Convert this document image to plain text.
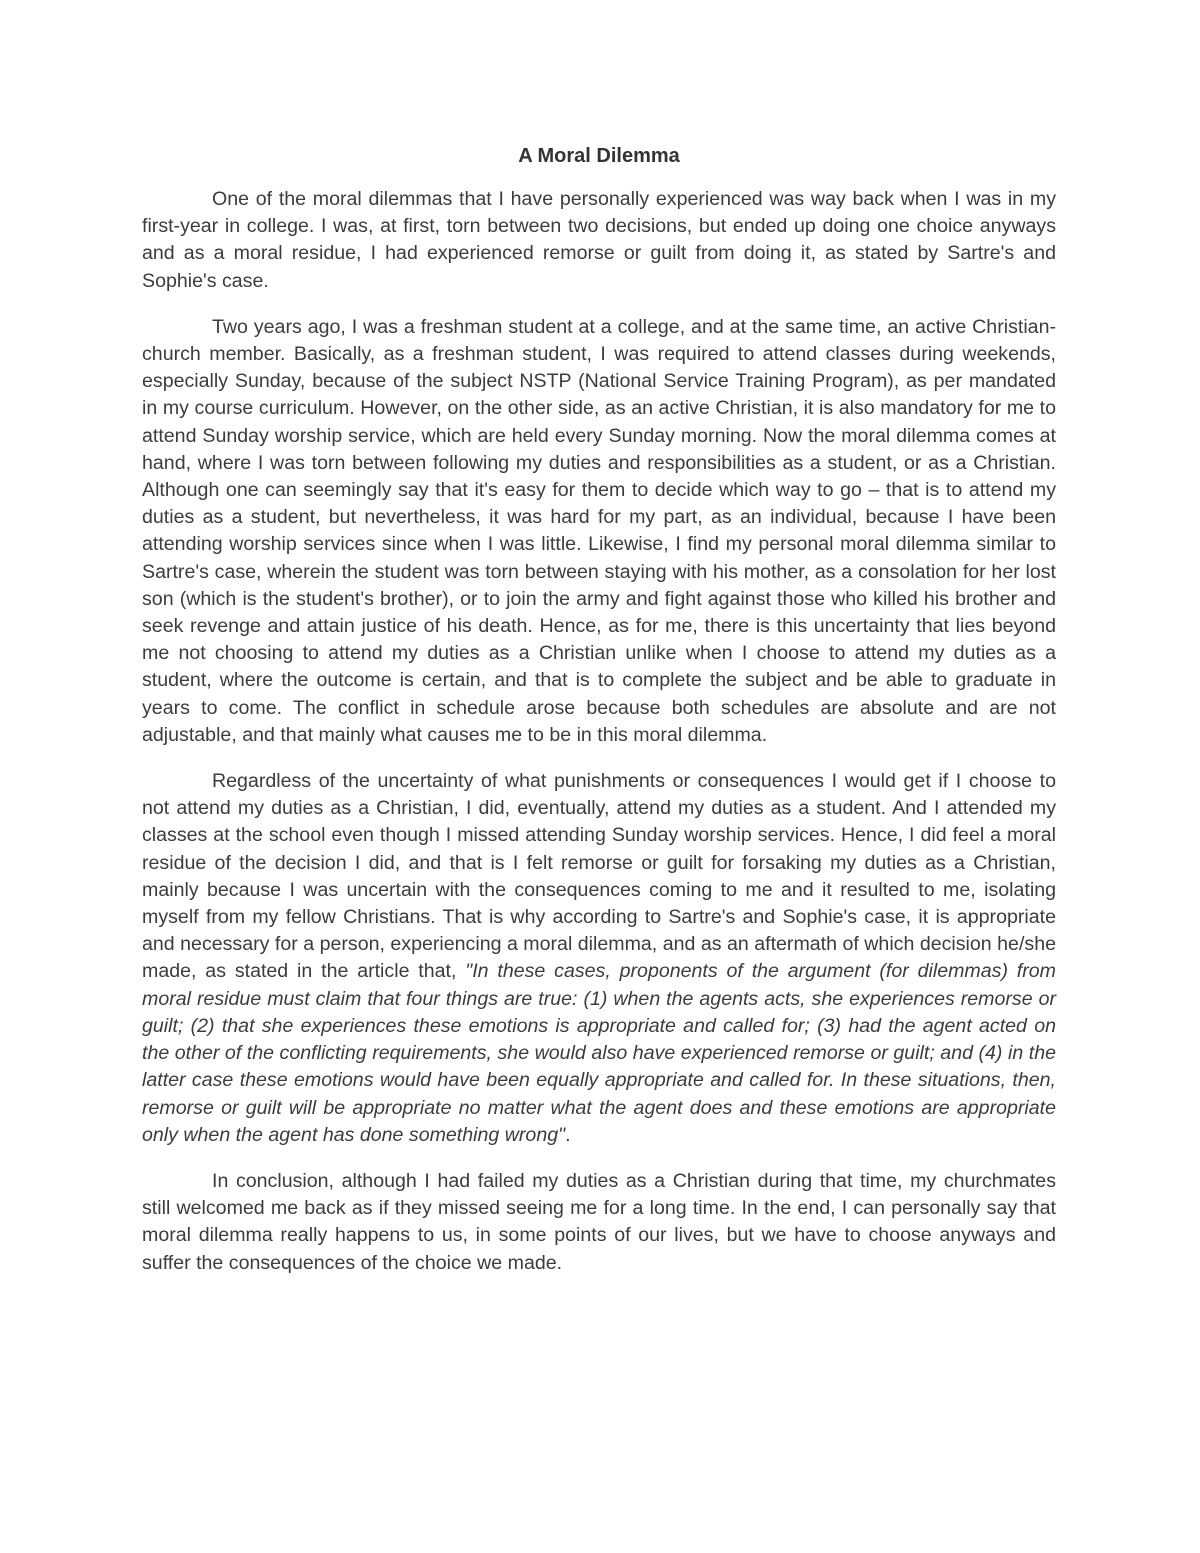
A Moral Dilemma

One of the moral dilemmas that I have personally experienced was way back when I was in my first-year in college. I was, at first, torn between two decisions, but ended up doing one choice anyways and as a moral residue, I had experienced remorse or guilt from doing it, as stated by Sartre's and Sophie's case.

Two years ago, I was a freshman student at a college, and at the same time, an active Christian-church member. Basically, as a freshman student, I was required to attend classes during weekends, especially Sunday, because of the subject NSTP (National Service Training Program), as per mandated in my course curriculum. However, on the other side, as an active Christian, it is also mandatory for me to attend Sunday worship service, which are held every Sunday morning. Now the moral dilemma comes at hand, where I was torn between following my duties and responsibilities as a student, or as a Christian. Although one can seemingly say that it's easy for them to decide which way to go – that is to attend my duties as a student, but nevertheless, it was hard for my part, as an individual, because I have been attending worship services since when I was little. Likewise, I find my personal moral dilemma similar to Sartre's case, wherein the student was torn between staying with his mother, as a consolation for her lost son (which is the student's brother), or to join the army and fight against those who killed his brother and seek revenge and attain justice of his death. Hence, as for me, there is this uncertainty that lies beyond me not choosing to attend my duties as a Christian unlike when I choose to attend my duties as a student, where the outcome is certain, and that is to complete the subject and be able to graduate in years to come. The conflict in schedule arose because both schedules are absolute and are not adjustable, and that mainly what causes me to be in this moral dilemma.

Regardless of the uncertainty of what punishments or consequences I would get if I choose to not attend my duties as a Christian, I did, eventually, attend my duties as a student. And I attended my classes at the school even though I missed attending Sunday worship services. Hence, I did feel a moral residue of the decision I did, and that is I felt remorse or guilt for forsaking my duties as a Christian, mainly because I was uncertain with the consequences coming to me and it resulted to me, isolating myself from my fellow Christians. That is why according to Sartre's and Sophie's case, it is appropriate and necessary for a person, experiencing a moral dilemma, and as an aftermath of which decision he/she made, as stated in the article that, "In these cases, proponents of the argument (for dilemmas) from moral residue must claim that four things are true: (1) when the agents acts, she experiences remorse or guilt; (2) that she experiences these emotions is appropriate and called for; (3) had the agent acted on the other of the conflicting requirements, she would also have experienced remorse or guilt; and (4) in the latter case these emotions would have been equally appropriate and called for. In these situations, then, remorse or guilt will be appropriate no matter what the agent does and these emotions are appropriate only when the agent has done something wrong".

In conclusion, although I had failed my duties as a Christian during that time, my churchmates still welcomed me back as if they missed seeing me for a long time. In the end, I can personally say that moral dilemma really happens to us, in some points of our lives, but we have to choose anyways and suffer the consequences of the choice we made.
